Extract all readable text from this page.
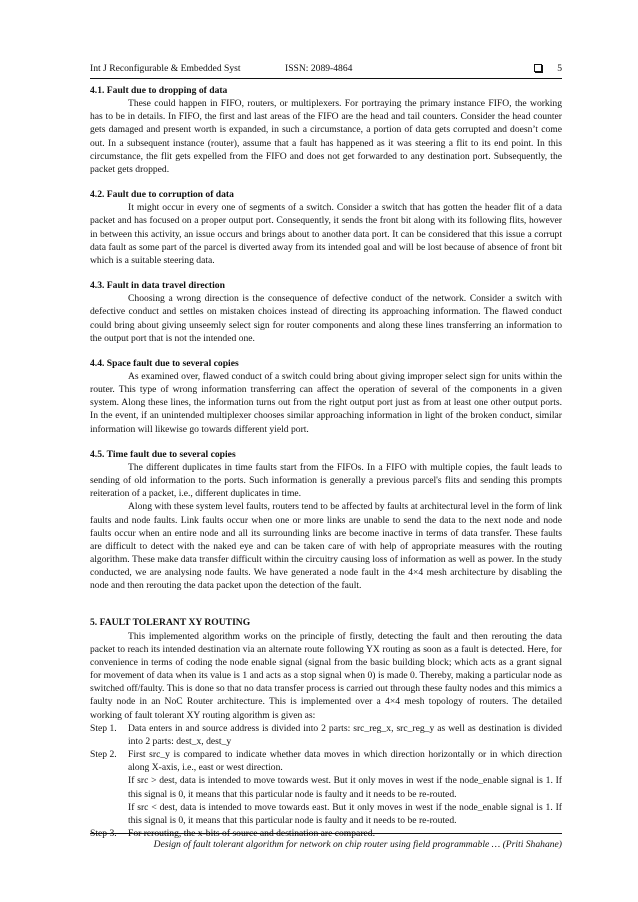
Int J Reconfigurable & Embedded Syst	ISSN: 2089-4864	5
4.1. Fault due to dropping of data

These could happen in FIFO, routers, or multiplexers. For portraying the primary instance FIFO, the working has to be in details. In FIFO, the first and last areas of the FIFO are the head and tail counters. Consider the head counter gets damaged and present worth is expanded, in such a circumstance, a portion of data gets corrupted and doesn’t come out. In a subsequent instance (router), assume that a fault has happened as it was steering a flit to its end point. In this circumstance, the flit gets expelled from the FIFO and does not get forwarded to any destination port. Subsequently, the packet gets dropped.

4.2. Fault due to corruption of data

It might occur in every one of segments of a switch. Consider a switch that has gotten the header flit of a data packet and has focused on a proper output port. Consequently, it sends the front bit along with its following flits, however in between this activity, an issue occurs and brings about to another data port. It can be considered that this issue a corrupt data fault as some part of the parcel is diverted away from its intended goal and will be lost because of absence of front bit which is a suitable steering data.

4.3. Fault in data travel direction

Choosing a wrong direction is the consequence of defective conduct of the network. Consider a switch with defective conduct and settles on mistaken choices instead of directing its approaching information. The flawed conduct could bring about giving unseemly select sign for router components and along these lines transferring an information to the output port that is not the intended one.

4.4. Space fault due to several copies

As examined over, flawed conduct of a switch could bring about giving improper select sign for units within the router. This type of wrong information transferring can affect the operation of several of the components in a given system. Along these lines, the information turns out from the right output port just as from at least one other output ports. In the event, if an unintended multiplexer chooses similar approaching information in light of the broken conduct, similar information will likewise go towards different yield port.

4.5. Time fault due to several copies

The different duplicates in time faults start from the FIFOs. In a FIFO with multiple copies, the fault leads to sending of old information to the ports. Such information is generally a previous parcel's flits and sending this prompts reiteration of a packet, i.e., different duplicates in time.

Along with these system level faults, routers tend to be affected by faults at architectural level in the form of link faults and node faults. Link faults occur when one or more links are unable to send the data to the next node and node faults occur when an entire node and all its surrounding links are become inactive in terms of data transfer. These faults are difficult to detect with the naked eye and can be taken care of with help of appropriate measures with the routing algorithm. These make data transfer difficult within the circuitry causing loss of information as well as power. In the study conducted, we are analysing node faults. We have generated a node fault in the 4×4 mesh architecture by disabling the node and then rerouting the data packet upon the detection of the fault.

5. FAULT TOLERANT XY ROUTING

This implemented algorithm works on the principle of firstly, detecting the fault and then rerouting the data packet to reach its intended destination via an alternate route following YX routing as soon as a fault is detected. Here, for convenience in terms of coding the node enable signal (signal from the basic building block; which acts as a grant signal for movement of data when its value is 1 and acts as a stop signal when 0) is made 0. Thereby, making a particular node as switched off/faulty. This is done so that no data transfer process is carried out through these faulty nodes and this mimics a faulty node in an NoC Router architecture. This is implemented over a 4×4 mesh topology of routers. The detailed working of fault tolerant XY routing algorithm is given as:

Step 1.	Data enters in and source address is divided into 2 parts: src_reg_x, src_reg_y as well as destination is divided into 2 parts: dest_x, dest_y
Step 2.	First src_y is compared to indicate whether data moves in which direction horizontally or in which direction along X-axis, i.e., east or west direction.
If src > dest, data is intended to move towards west. But it only moves in west if the node_enable signal is 1. If this signal is 0, it means that this particular node is faulty and it needs to be re-routed.
If src < dest, data is intended to move towards east. But it only moves in west if the node_enable signal is 1. If this signal is 0, it means that this particular node is faulty and it needs to be re-routed.
Step 3.	For rerouting, the x-bits of source and destination are compared.
Design of fault tolerant algorithm for network on chip router using field programmable … (Priti Shahane)
